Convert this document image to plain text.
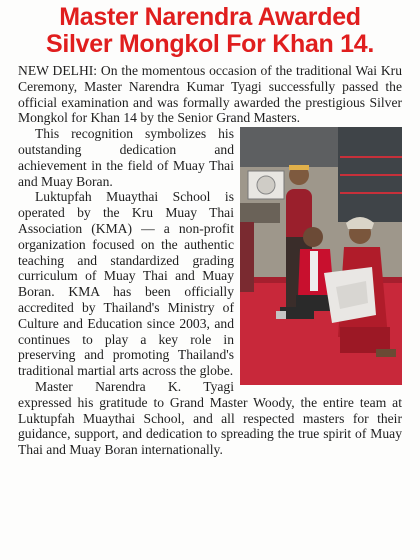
Master Narendra Awarded
Silver Mongkol For Khan 14.

NEW DELHI: On the momentous occasion of the traditional Wai Kru Ceremony, Master Narendra Kumar Tyagi successfully passed the official examination and was formally awarded the prestigious Silver Mongkol for Khan 14 by the Senior Grand Masters.

This recognition symbolizes his outstanding dedication and achievement in the field of Muay Thai and Muay Boran.

Luktupfah Muaythai School is operated by the Kru Muay Thai Association (KMA) — a non-profit organization focused on the authentic teaching and standardized grading curriculum of Muay Thai and Muay Boran. KMA has been officially accredited by Thailand's Ministry of Culture and Education since 2003, and continues to play a key role in preserving and promoting Thailand's traditional martial arts across the globe.

Master Narendra K. Tyagi expressed his gratitude to Grand Master Woody, the entire team at Luktupfah Muaythai School, and all respected masters for their guidance, support, and dedication to spreading the true spirit of Muay Thai and Muay Boran internationally.
